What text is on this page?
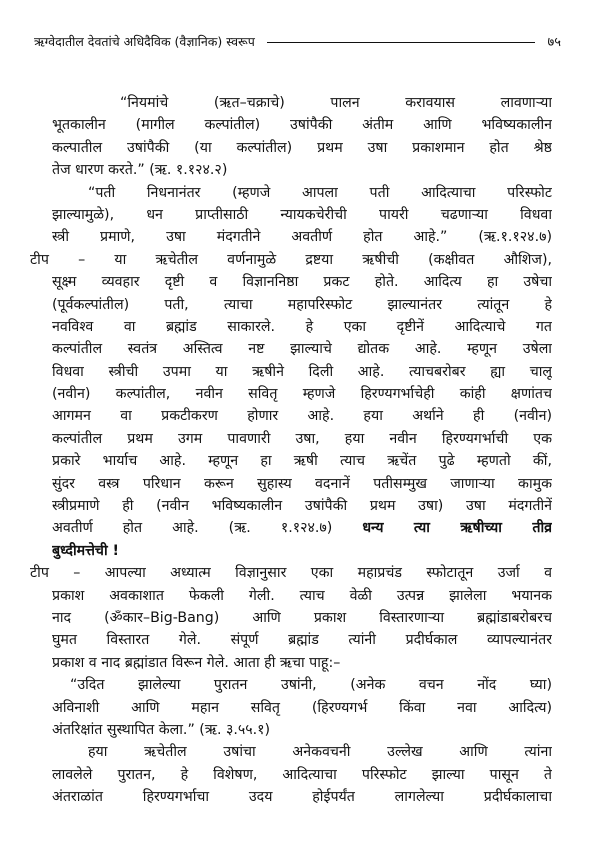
ऋग्वेदातील देवतांचे अधिदैविक (वैज्ञानिक) स्वरूप	७५
“नियमांचे (ऋत–चक्राचे) पालन करावयास लावणाऱ्या
भूतकालीन (मागील कल्पांतील) उषांपैकी अंतीम आणि भविष्यकालीन
कल्पातील उषांपैकी (या कल्पांतील) प्रथम उषा प्रकाशमान होत श्रेष्ठ
तेज धारण करते.” (ऋ. १.१२४.२)
“पती निधनानंतर (म्हणजे आपला पती आदित्याचा परिस्फोट
झाल्यामुळे), धन प्राप्तीसाठी न्यायकचेरीची पायरी चढणाऱ्या विधवा
स्त्री प्रमाणे, उषा मंदगतीने अवतीर्ण होत आहे.” (ऋ.१.१२४.७)
टीप – या ऋचेतील वर्णनामुळे द्रष्टया ऋषीची (कक्षीवत औशिज),
सूक्ष्म व्यवहार दृष्टी व विज्ञाननिष्ठा प्रकट होते. आदित्य हा उषेचा
(पूर्वकल्पांतील) पती, त्याचा महापरिस्फोट झाल्यानंतर त्यांतून हे
नवविश्व वा ब्रह्मांड साकारले. हे एका दृष्टीनें आदित्याचे गत
कल्पांतील स्वतंत्र अस्तित्व नष्ट झाल्याचे द्योतक आहे. म्हणून उषेला
विधवा स्त्रीची उपमा या ऋषीने दिली आहे. त्याचबरोबर ह्या चालू
(नवीन) कल्पांतील, नवीन सवितृ म्हणजे हिरण्यगर्भाचेही कांही क्षणांतच
आगमन वा प्रकटीकरण होणार आहे. हया अर्थाने ही (नवीन)
कल्पांतील प्रथम उगम पावणारी उषा, हया नवीन हिरण्यगर्भाची एक
प्रकारे भार्याच आहे. म्हणून हा ऋषी त्याच ऋचेंत पुढे म्हणतो कीं,
सुंदर वस्त्र परिधान करून सुहास्य वदनानें पतीसम्मुख जाणाऱ्या कामुक
स्त्रीप्रमाणे ही (नवीन भविष्यकालीन उषांपैकी प्रथम उषा) उषा मंदगतीनें
अवतीर्ण होत आहे. (ऋ. १.१२४.७) धन्य त्या ऋषीच्या तीव्र
बुध्दीमत्तेची !
टीप – आपल्या अध्यात्म विज्ञानुसार एका महाप्रचंड स्फोटातून उर्जा व
प्रकाश अवकाशात फेकली गेली. त्याच वेळी उत्पन्न झालेला भयानक
नाद (ॐकार–Big-Bang) आणि प्रकाश विस्तारणाऱ्या ब्रह्मांडाबरोबरच
घुमत विस्तारत गेले. संपूर्ण ब्रह्मांड त्यांनी प्रदीर्घकाल व्यापल्यानंतर
प्रकाश व नाद ब्रह्मांडात विरून गेले. आता ही ऋचा पाहू:–
“उदित झालेल्या पुरातन उषांनी, (अनेक वचन नोंद घ्या)
अविनाशी आणि महान सवितृ (हिरण्यगर्भ किंवा नवा आदित्य)
अंतरिक्षांत सुस्थापित केला.” (ऋ. ३.५५.१)
हया ऋचेतील उषांचा अनेकवचनी उल्लेख आणि त्यांना
लावलेले पुरातन, हे विशेषण, आदित्याचा परिस्फोट झाल्या पासून ते
अंतराळांत हिरण्यगर्भाचा उदय होईपर्यंत लागलेल्या प्रदीर्घकालाचा
